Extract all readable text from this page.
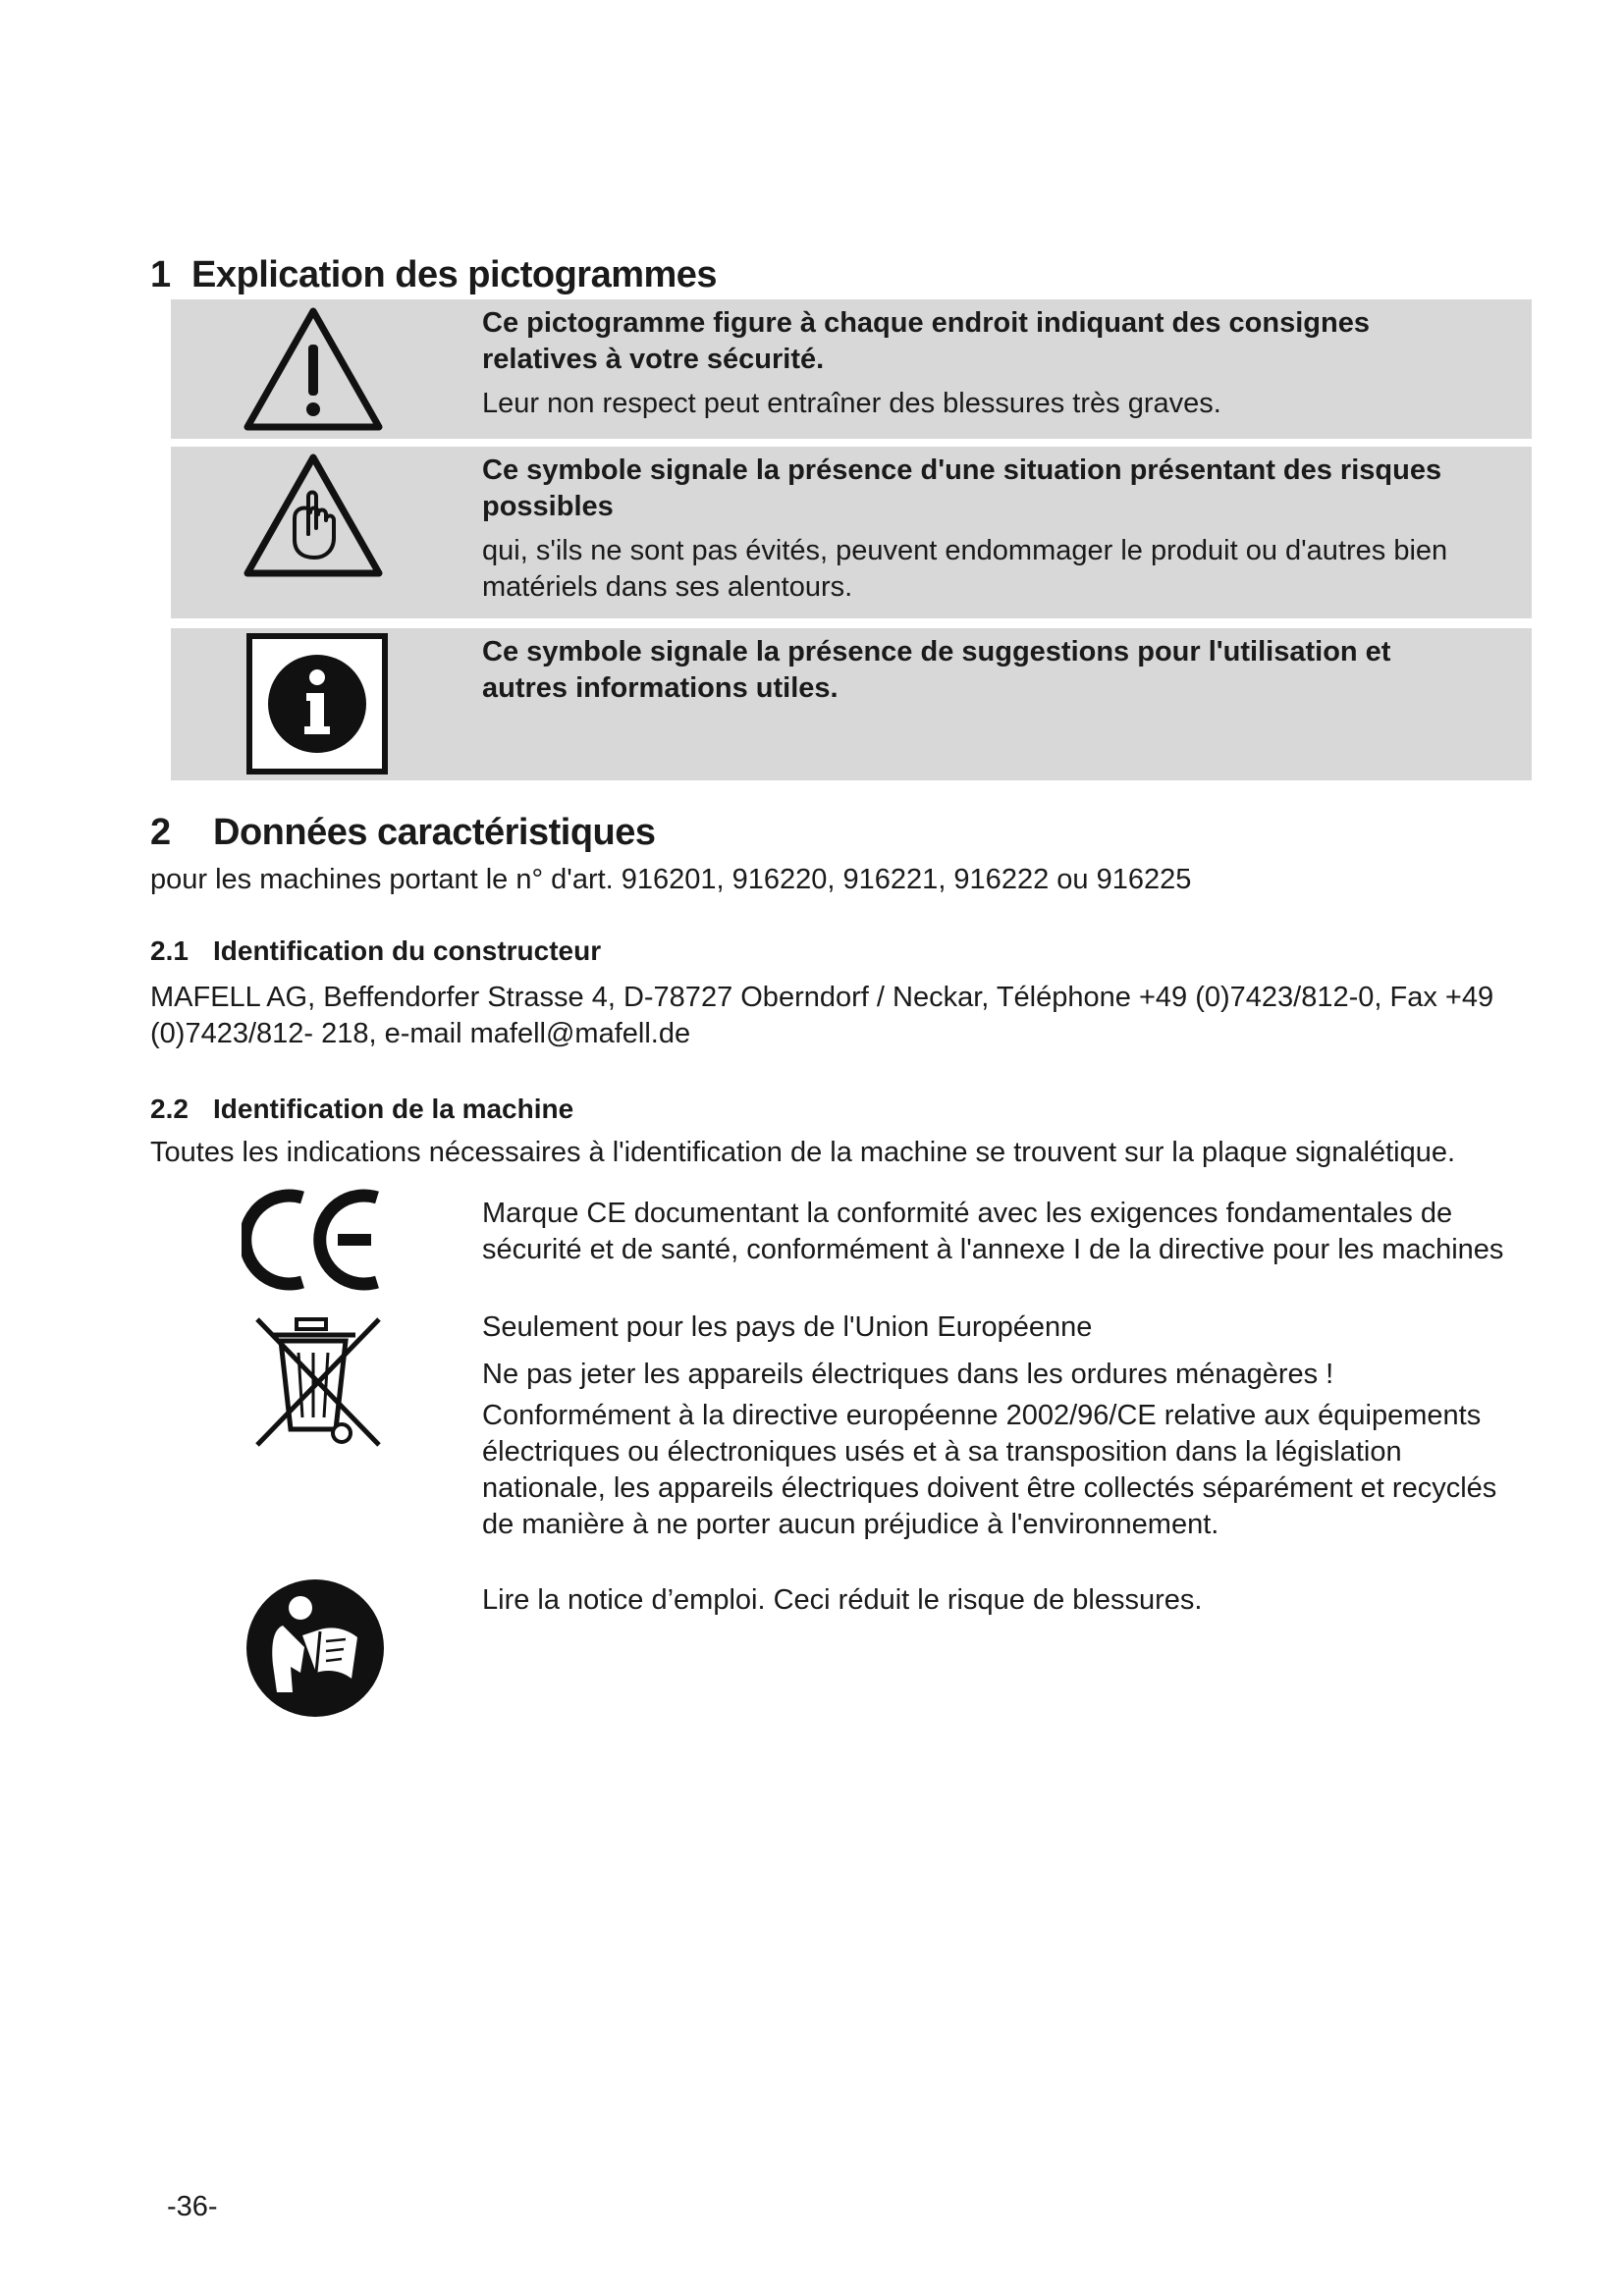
1 Explication des pictogrammes

Ce pictogramme figure à chaque endroit indiquant des consignes relatives à votre sécurité.

Leur non respect peut entraîner des blessures très graves.

Ce symbole signale la présence d'une situation présentant des risques possibles

qui, s'ils ne sont pas évités, peuvent endommager le produit ou d'autres bien matériels dans ses alentours.

Ce symbole signale la présence de suggestions pour l'utilisation et autres informations utiles.

2 Données caractéristiques
pour les machines portant le n° d'art. 916201, 916220, 916221, 916222 ou 916225
2.1 Identification du constructeur
MAFELL AG, Beffendorfer Strasse 4, D-78727 Oberndorf / Neckar, Téléphone +49 (0)7423/812-0, Fax +49
(0)7423/812- 218, e-mail mafell@mafell.de
2.2 Identification de la machine
Toutes les indications nécessaires à l'identification de la machine se trouvent sur la plaque signalétique.

Marque CE documentant la conformité avec les exigences fondamentales de sécurité et de santé, conformément à l'annexe I de la directive pour les machines

Seulement pour les pays de l'Union Européenne

Ne pas jeter les appareils électriques dans les ordures ménagères !

Conformément à la directive européenne 2002/96/CE relative aux équipements électriques ou électroniques usés et à sa transposition dans la législation nationale, les appareils électriques doivent être collectés séparément et recyclés de manière à ne porter aucun préjudice à l'environnement.

Lire la notice d’emploi. Ceci réduit le risque de blessures.

-36-
